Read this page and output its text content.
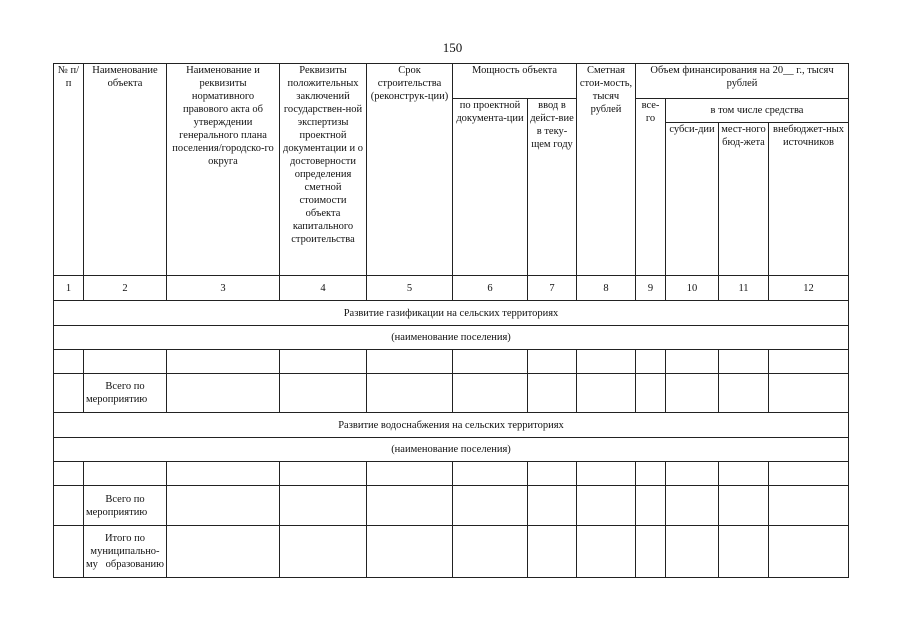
150
№ п/п	Наименование объекта	Наименование и реквизиты нормативного правового акта об утверждении генерального плана поселения/городско-го округа	Реквизиты положительных заключений государствен-ной экспертизы проектной документации и о достоверности определения сметной стоимости объекта капитального строительства	Срок строительства (реконструк-ции)	Мощность объекта		Сметная стои-мость, тысяч рублей	Объем финансирования на 20__ г., тысяч рублей			
					по проектной документа-ции	ввод в дейст-вие в теку-щем году		все-го	в том числе средства		
									субси-дии	мест-ного бюд-жета	внебюджет-ных источников
1	2	3	4	5	6	7	8	9	10	11	12
Развитие газификации на сельских территориях											
(наименование поселения)											

	Всего по мероприятию										
Развитие водоснабжения на сельских территориях											
(наименование поселения)											

	Всего по мероприятию										
	Итого по муниципально-му образованию										
